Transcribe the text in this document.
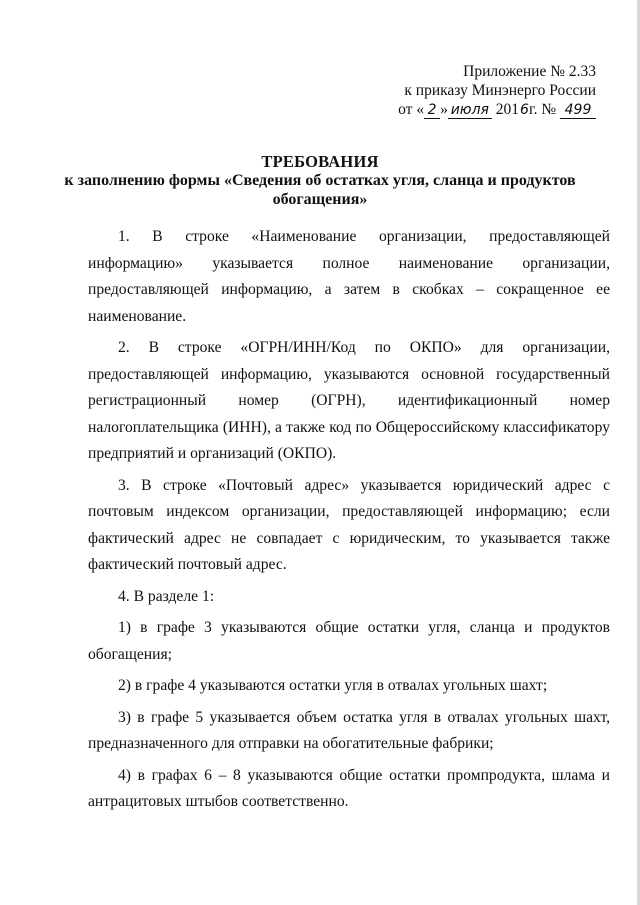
Приложение № 2.33
к приказу Минэнерго России
от « 2 » июля 2016г. № 499
ТРЕБОВАНИЯ
к заполнению формы «Сведения об остатках угля, сланца и продуктов
обогащения»

1. В строке «Наименование организации, предоставляющей информацию» указывается полное наименование организации, предоставляющей информацию, а затем в скобках – сокращенное ее наименование.

2. В строке «ОГРН/ИНН/Код по ОКПО» для организации, предоставляющей информацию, указываются основной государственный регистрационный номер (ОГРН), идентификационный номер налогоплательщика (ИНН), а также код по Общероссийскому классификатору предприятий и организаций (ОКПО).

3. В строке «Почтовый адрес» указывается юридический адрес с почтовым индексом организации, предоставляющей информацию; если фактический адрес не совпадает с юридическим, то указывается также фактический почтовый адрес.

4. В разделе 1:

1) в графе 3 указываются общие остатки угля, сланца и продуктов обогащения;

2) в графе 4 указываются остатки угля в отвалах угольных шахт;

3) в графе 5 указывается объем остатка угля в отвалах угольных шахт, предназначенного для отправки на обогатительные фабрики;

4) в графах 6 – 8 указываются общие остатки промпродукта, шлама и антрацитовых штыбов соответственно.
